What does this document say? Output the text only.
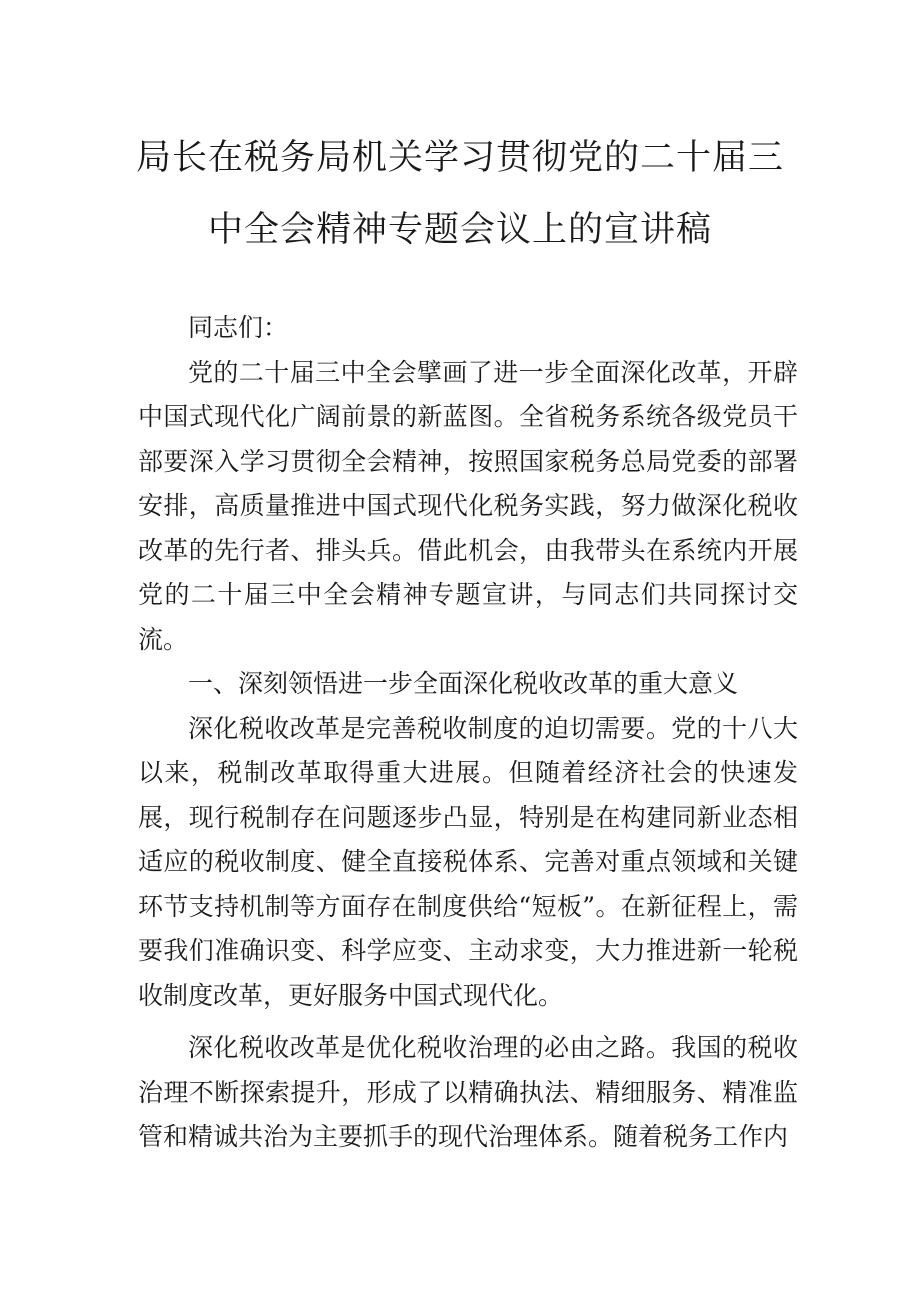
局长在税务局机关学习贯彻党的二十届三
中全会精神专题会议上的宣讲稿

同志们：

党的二十届三中全会擘画了进一步全面深化改革，开辟中国式现代化广阔前景的新蓝图。全省税务系统各级党员干部要深入学习贯彻全会精神，按照国家税务总局党委的部署安排，高质量推进中国式现代化税务实践，努力做深化税收改革的先行者、排头兵。借此机会，由我带头在系统内开展党的二十届三中全会精神专题宣讲，与同志们共同探讨交流。

一、深刻领悟进一步全面深化税收改革的重大意义

深化税收改革是完善税收制度的迫切需要。党的十八大以来，税制改革取得重大进展。但随着经济社会的快速发展，现行税制存在问题逐步凸显，特别是在构建同新业态相适应的税收制度、健全直接税体系、完善对重点领域和关键环节支持机制等方面存在制度供给“短板”。在新征程上，需要我们准确识变、科学应变、主动求变，大力推进新一轮税收制度改革，更好服务中国式现代化。

深化税收改革是优化税收治理的必由之路。我国的税收治理不断探索提升，形成了以精确执法、精细服务、精准监管和精诚共治为主要抓手的现代治理体系。随着税务工作内
